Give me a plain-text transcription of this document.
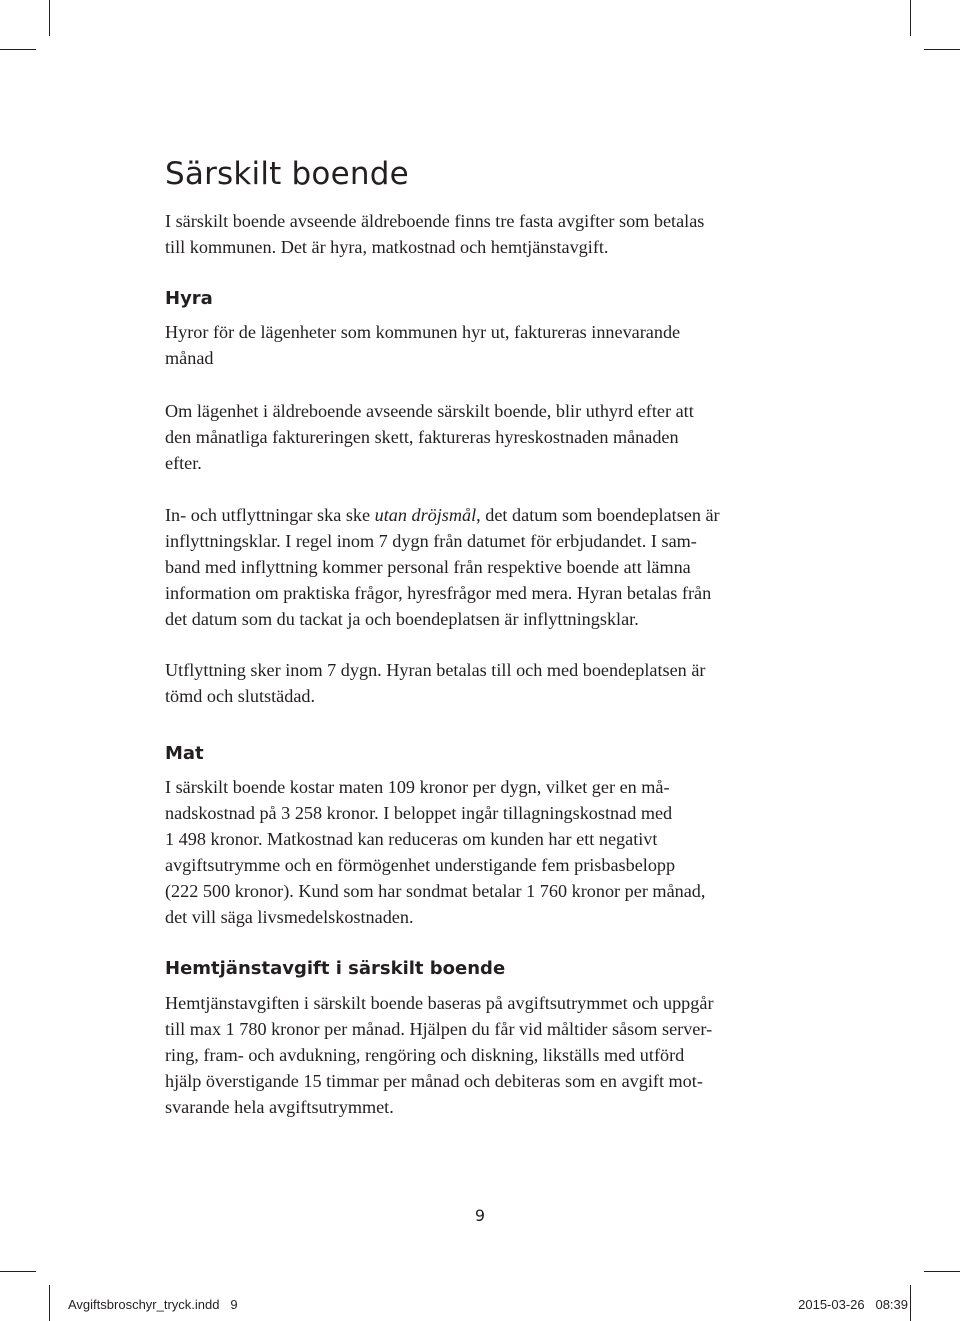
Särskilt boende

I särskilt boende avseende äldreboende finns tre fasta avgifter som betalas
till kommunen. Det är hyra, matkostnad och hemtjänstavgift.

Hyra

Hyror för de lägenheter som kommunen hyr ut, faktureras innevarande
månad

Om lägenhet i äldreboende avseende särskilt boende, blir uthyrd efter att
den månatliga faktureringen skett, faktureras hyreskostnaden månaden
efter.

In- och utflyttningar ska ske utan dröjsmål, det datum som boendeplatsen är
inflyttningsklar. I regel inom 7 dygn från datumet för erbjudandet. I sam-
band med inflyttning kommer personal från respektive boende att lämna
information om praktiska frågor, hyresfrågor med mera. Hyran betalas från
det datum som du tackat ja och boendeplatsen är inflyttningsklar.

Utflyttning sker inom 7 dygn. Hyran betalas till och med boendeplatsen är
tömd och slutstädad.

Mat

I särskilt boende kostar maten 109 kronor per dygn, vilket ger en må-
nadskostnad på 3 258 kronor. I beloppet ingår tillagningskostnad med
1 498 kronor. Matkostnad kan reduceras om kunden har ett negativt
avgiftsutrymme och en förmögenhet understigande fem prisbasbelopp
(222 500 kronor). Kund som har sondmat betalar 1 760 kronor per månad,
det vill säga livsmedelskostnaden.

Hemtjänstavgift i särskilt boende

Hemtjänstavgiften i särskilt boende baseras på avgiftsutrymmet och uppgår
till max 1 780 kronor per månad. Hjälpen du får vid måltider såsom server-
ring, fram- och avdukning, rengöring och diskning, likställs med utförd
hjälp överstigande 15 timmar per månad och debiteras som en avgift mot-
svarande hela avgiftsutrymmet.

9
Avgiftsbroschyr_tryck.indd   9	2015-03-26   08:39
